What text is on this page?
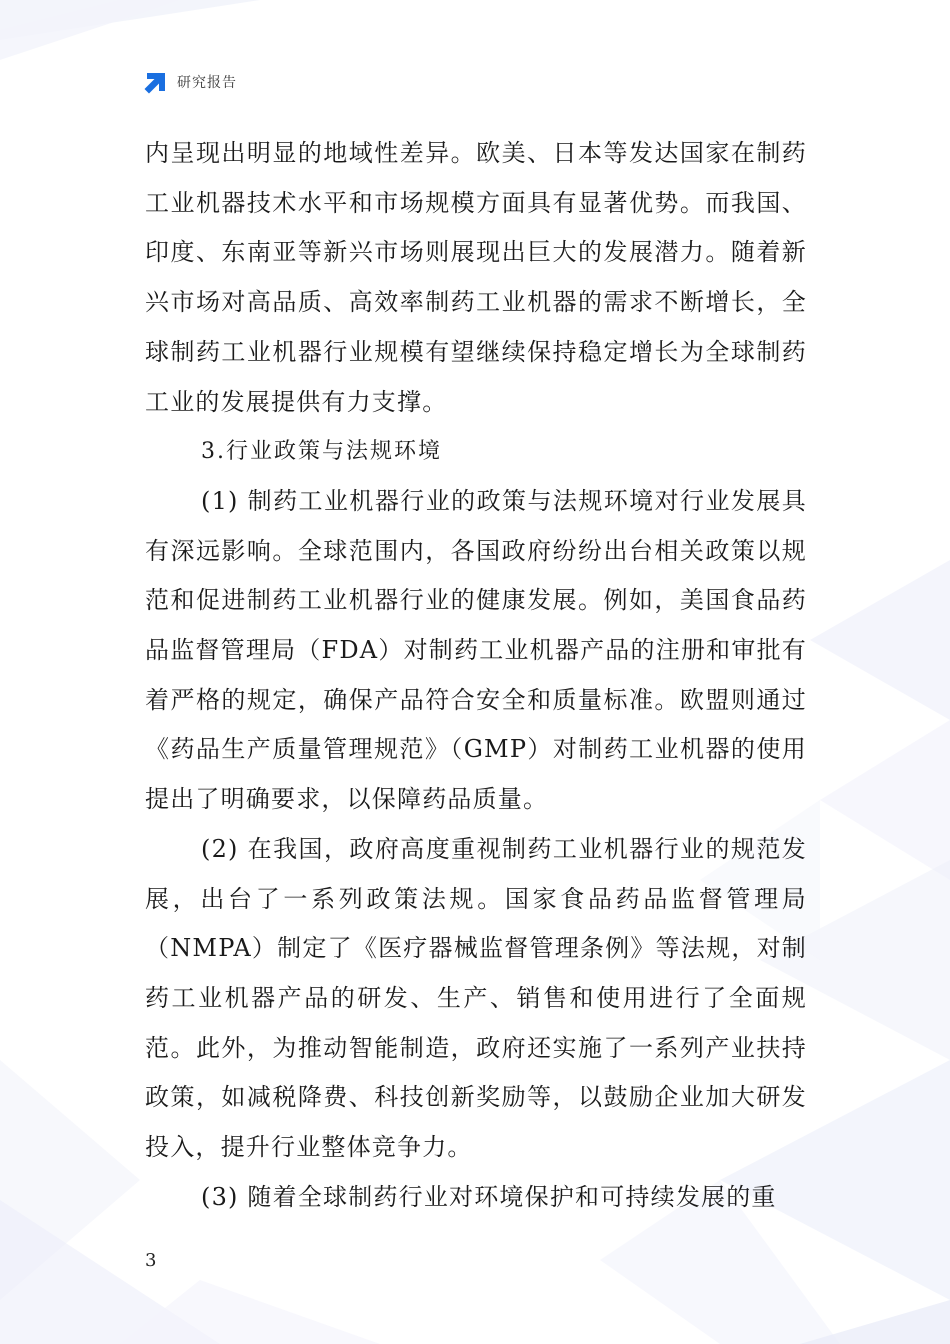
研究报告

内呈现出明显的地域性差异。欧美、日本等发达国家在制药工业机器技术水平和市场规模方面具有显著优势。而我国、印度、东南亚等新兴市场则展现出巨大的发展潜力。随着新兴市场对高品质、高效率制药工业机器的需求不断增长，全球制药工业机器行业规模有望继续保持稳定增长为全球制药工业的发展提供有力支撑。

3.行业政策与法规环境

(1) 制药工业机器行业的政策与法规环境对行业发展具有深远影响。全球范围内，各国政府纷纷出台相关政策以规范和促进制药工业机器行业的健康发展。例如，美国食品药品监督管理局（FDA）对制药工业机器产品的注册和审批有着严格的规定，确保产品符合安全和质量标准。欧盟则通过《药品生产质量管理规范》（GMP）对制药工业机器的使用提出了明确要求，以保障药品质量。

(2) 在我国，政府高度重视制药工业机器行业的规范发展，出台了一系列政策法规。国家食品药品监督管理局（NMPA）制定了《医疗器械监督管理条例》等法规，对制药工业机器产品的研发、生产、销售和使用进行了全面规范。此外，为推动智能制造，政府还实施了一系列产业扶持政策，如减税降费、科技创新奖励等，以鼓励企业加大研发投入，提升行业整体竞争力。

(3) 随着全球制药行业对环境保护和可持续发展的重

3
